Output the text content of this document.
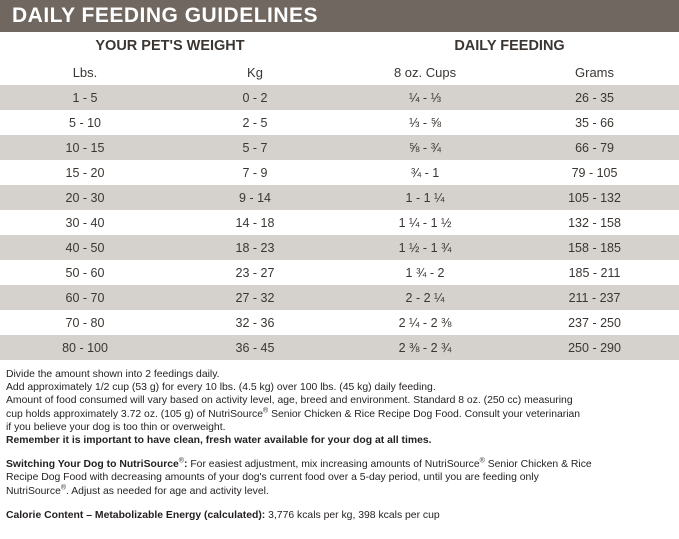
DAILY FEEDING GUIDELINES
YOUR PET'S WEIGHT		DAILY FEEDING	
Lbs.	Kg	8 oz. Cups	Grams
1 - 5	0 - 2	¼ - ⅓	26 - 35
5 - 10	2 - 5	⅓ - ⅝	35 - 66
10 - 15	5 - 7	⅝ - ¾	66 - 79
15 - 20	7 - 9	¾ - 1	79 - 105
20 - 30	9 - 14	1 - 1 ¼	105 - 132
30 - 40	14 - 18	1 ¼ - 1 ½	132 - 158
40 - 50	18 - 23	1 ½ - 1 ¾	158 - 185
50 - 60	23 - 27	1 ¾ - 2	185 - 211
60 - 70	27 - 32	2 - 2 ¼	211 - 237
70 - 80	32 - 36	2 ¼ - 2 ⅜	237 - 250
80 - 100	36 - 45	2 ⅜ - 2 ¾	250 - 290

Divide the amount shown into 2 feedings daily.

Add approximately 1/2 cup (53 g) for every 10 lbs. (4.5 kg) over 100 lbs. (45 kg) daily feeding.

Amount of food consumed will vary based on activity level, age, breed and environment. Standard 8 oz. (250 cc) measuring
cup holds approximately 3.72 oz. (105 g) of NutriSource® Senior Chicken & Rice Recipe Dog Food. Consult your veterinarian
if you believe your dog is too thin or overweight.

Remember it is important to have clean, fresh water available for your dog at all times.

Switching Your Dog to NutriSource®: For easiest adjustment, mix increasing amounts of NutriSource® Senior Chicken & Rice
Recipe Dog Food with decreasing amounts of your dog's current food over a 5-day period, until you are feeding only
NutriSource®. Adjust as needed for age and activity level.

Calorie Content – Metabolizable Energy (calculated): 3,776 kcals per kg, 398 kcals per cup
